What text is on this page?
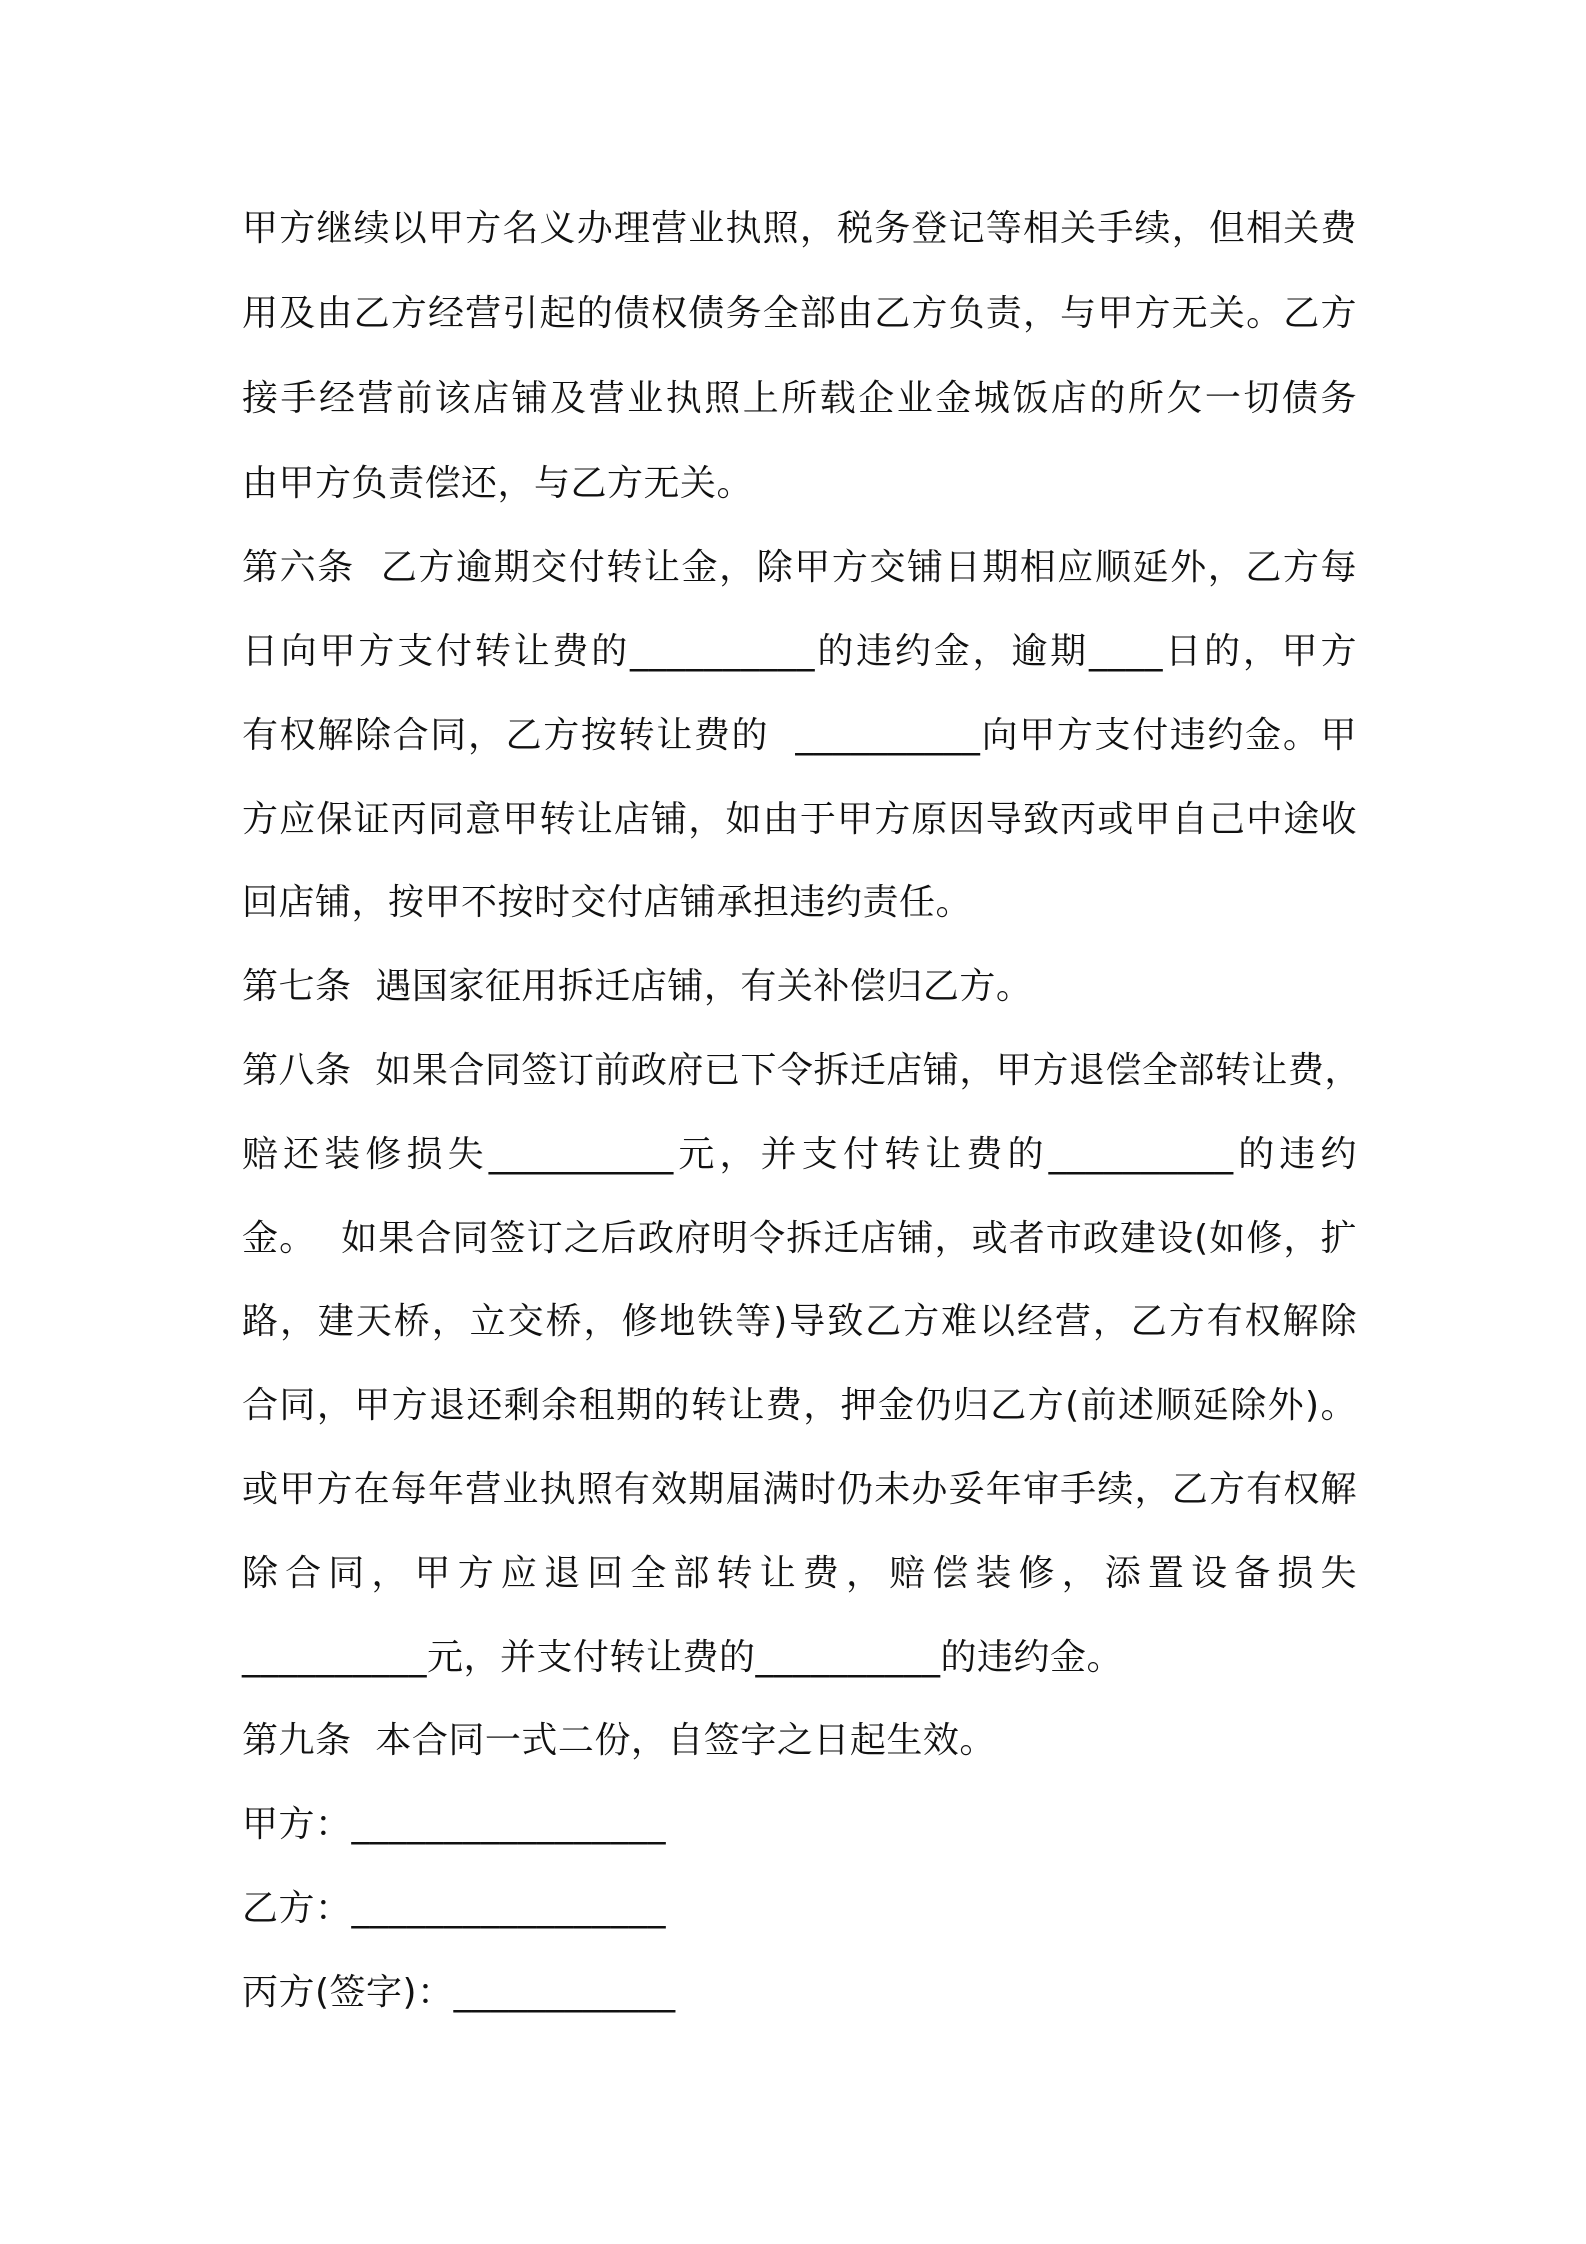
甲方继续以甲方名义办理营业执照，税务登记等相关手续，但相关费
用及由乙方经营引起的债权债务全部由乙方负责，与甲方无关。乙方
接手经营前该店铺及营业执照上所载企业金城饭店的所欠一切债务
由甲方负责偿还，与乙方无关。
第六条  乙方逾期交付转让金，除甲方交铺日期相应顺延外，乙方每
日向甲方支付转让费的__________的违约金，逾期____日的，甲方
有权解除合同，乙方按转让费的  __________向甲方支付违约金。甲
方应保证丙同意甲转让店铺，如由于甲方原因导致丙或甲自己中途收
回店铺，按甲不按时交付店铺承担违约责任。
第七条  遇国家征用拆迁店铺，有关补偿归乙方。
第八条  如果合同签订前政府已下令拆迁店铺，甲方退偿全部转让费，
赔还装修损失__________元，并支付转让费的__________的违约
金。  如果合同签订之后政府明令拆迁店铺，或者市政建设(如修，扩
路，建天桥，立交桥，修地铁等)导致乙方难以经营，乙方有权解除
合同，甲方退还剩余租期的转让费，押金仍归乙方(前述顺延除外)。
或甲方在每年营业执照有效期届满时仍未办妥年审手续，乙方有权解
除合同，甲方应退回全部转让费，赔偿装修，添置设备损失
__________元，并支付转让费的__________的违约金。
第九条  本合同一式二份，自签字之日起生效。
甲方：_________________
乙方：_________________
丙方(签字)：____________
